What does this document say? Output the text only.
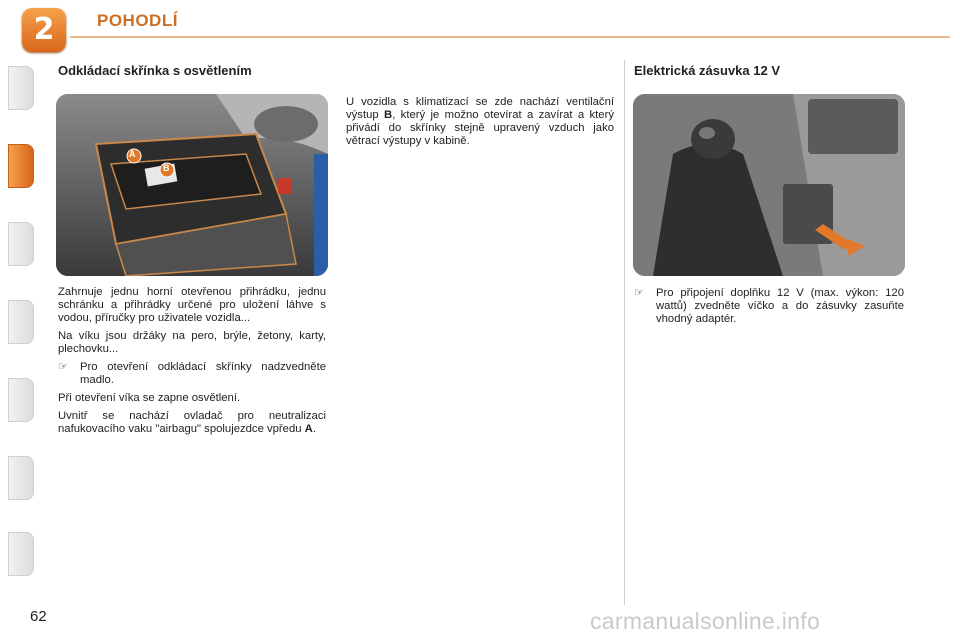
2	POHODLÍ
Odkládací skřínka s osvětlením
A
B

Zahrnuje jednu horní otevřenou přihrádku, jednu schránku a přihrádky určené pro uložení láhve s vodou, příručky pro uživatele vozidla...

Na víku jsou držáky na pero, brýle, žetony, karty, plechovku...

☞	Pro otevření odkládací skřínky nadzvedněte madlo.

Při otevření víka se zapne osvětlení.

Uvnitř se nachází ovladač pro neutralizaci nafukovacího vaku "airbagu" spolujezdce vpředu A.

U vozidla s klimatizací se zde nachází ventilační výstup B, který je možno otevírat a zavírat a který přivádí do skřínky stejně upravený vzduch jako větrací výstupy v kabině.

Elektrická zásuvka 12 V
☞	Pro připojení doplňku 12 V (max. výkon: 120 wattů) zvedněte víčko a do zásuvky zasuňte vhodný adaptér.
62	carmanualsonline.info
